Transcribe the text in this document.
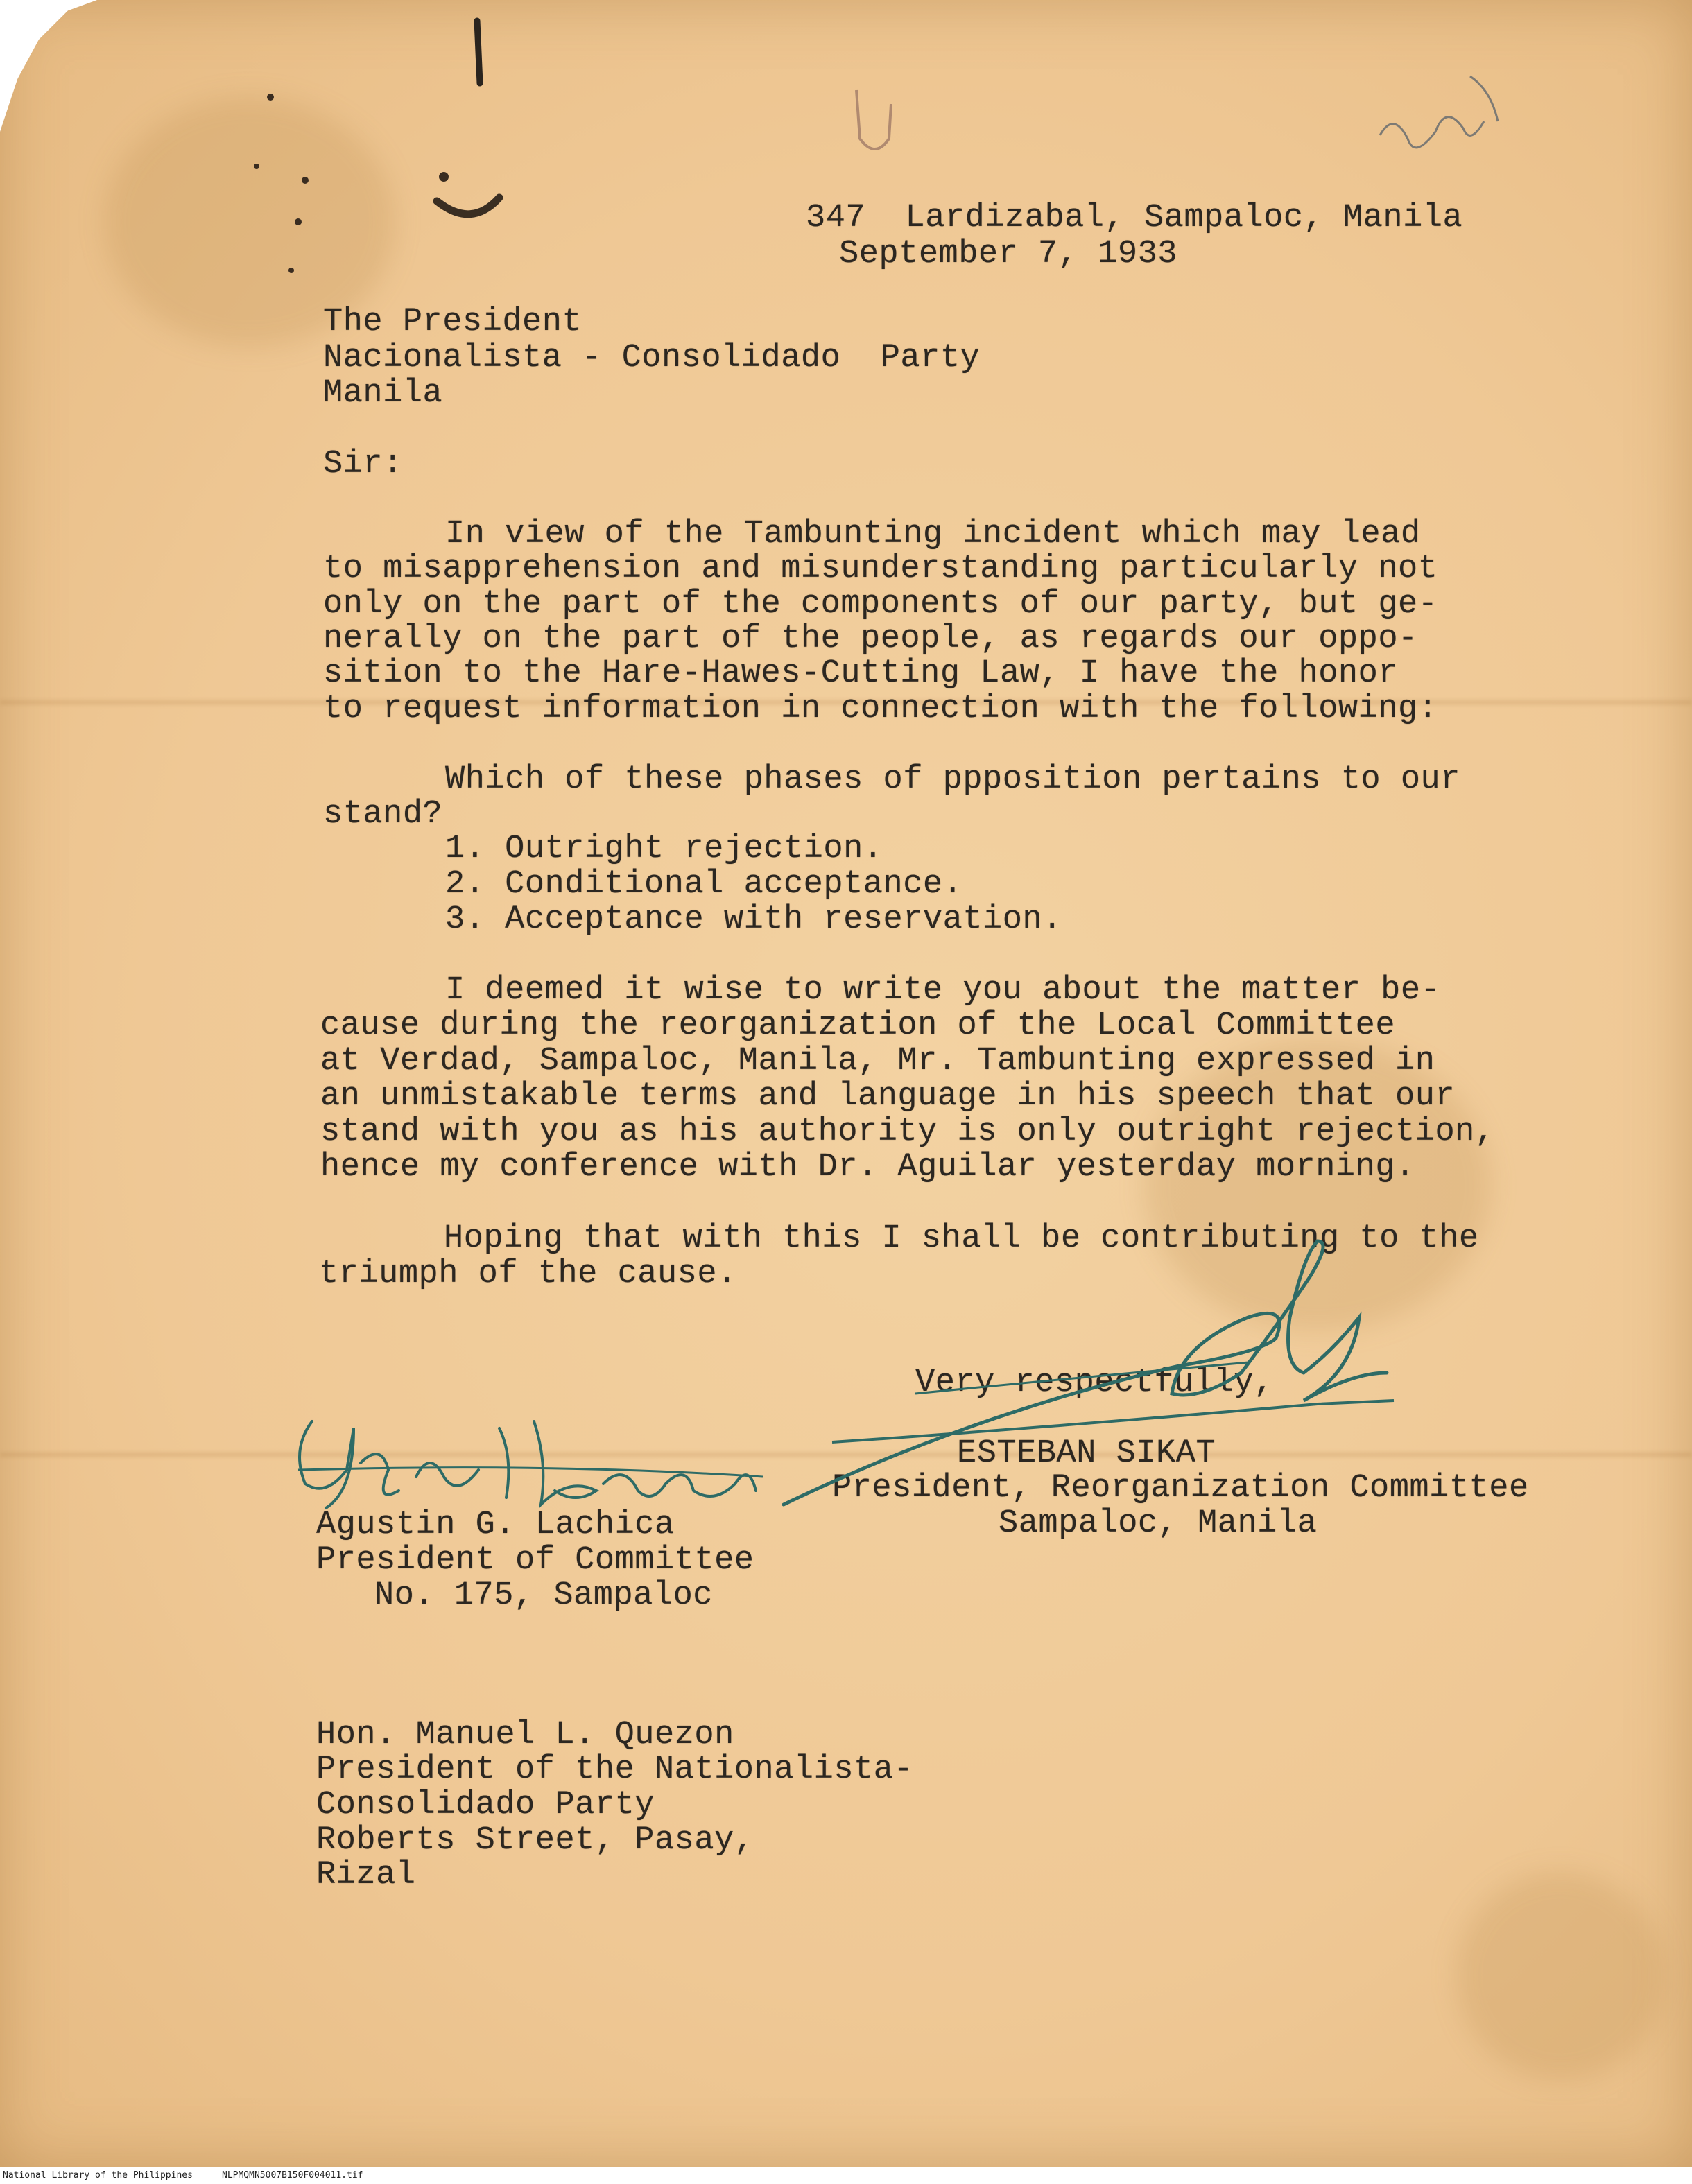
347  Lardizabal, Sampaloc, Manila
September 7, 1933
The President
Nacionalista - Consolidado  Party
Manila
Sir:
In view of the Tambunting incident which may lead
to misapprehension and misunderstanding particularly not
only on the part of the components of our party, but ge-
nerally on the part of the people, as regards our oppo-
sition to the Hare-Hawes-Cutting Law, I have the honor
to request information in connection with the following:
Which of these phases of ppposition pertains to our
stand?
1. Outright rejection.
2. Conditional acceptance.
3. Acceptance with reservation.
I deemed it wise to write you about the matter be-
cause during the reorganization of the Local Committee
at Verdad, Sampaloc, Manila, Mr. Tambunting expressed in
an unmistakable terms and language in his speech that our
stand with you as his authority is only outright rejection,
hence my conference with Dr. Aguilar yesterday morning.
Hoping that with this I shall be contributing to the
triumph of the cause.
Very respectfully,
ESTEBAN SIKAT
President, Reorganization Committee
Sampaloc, Manila
Agustin G. Lachica
President of Committee
No. 175, Sampaloc
Hon. Manuel L. Quezon
President of the Nationalista-
Consolidado Party
Roberts Street, Pasay,
Rizal
National Library of the Philippines	NLPMQMN5007B150F004011.tif
